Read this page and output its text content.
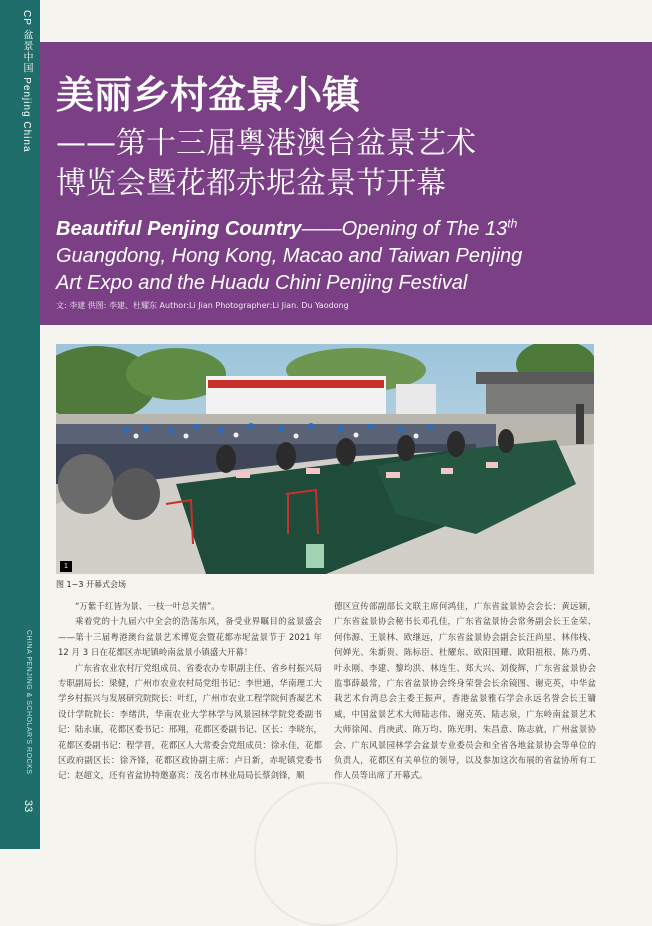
CP 盆景中国 Penjing China
CHINA PENJING & SCHOLAR'S ROCKS
33
美丽乡村盆景小镇
——第十三届粤港澳台盆景艺术
博览会暨花都赤坭盆景节开幕
Beautiful Penjing Country——Opening of The 13th
Guangdong, Hong Kong, Macao and Taiwan Penjing
Art Expo and the Huadu Chini Penjing Festival
文: 李建 供图: 李建、杜耀东 Author:Li Jian Photographer:Li Jian. Du Yaodong
1
图 1~3 开幕式会场

“万紫千红皆为景、一枝一叶总关情”。

乘着党的十九届六中全会的浩荡东风，备受业界瞩目的盆景盛会——第十三届粤港澳台盆景艺术博览会暨花都赤坭盆景节于 2021 年 12 月 3 日在花都区赤坭镇岭南盆景小镇盛大开幕！

广东省农业农村厅党组成员、省委农办专职副主任、省乡村振兴局专职副局长：梁健，广州市农业农村局党组书记：李世通，华南理工大学乡村振兴与发展研究院院长：叶红，广州市农业工程学院何香凝艺术设计学院院长：李绪洪，华南农业大学林学与风景园林学院党委副书记：陆永康，花都区委书记：邢翔，花都区委副书记、区长：李晓东，花都区委副书记：程学晋，花都区人大常委会党组成员：徐永佳，花都区政府副区长：徐齐锋，花都区政协副主席：卢日新，赤坭镇党委书记：赵超文，还有省盆协特邀嘉宾：茂名市林业局局长蔡剑锋，顺

德区宣传部副部长文联主席何鸿佳，广东省盆景协会会长：黄远颖，广东省盆景协会秘书长邓孔佳，广东省盆景协会常务副会长王金荣、何伟源、王景林、欧继远，广东省盆景协会副会长汪尚星、林伟栈、何婵光、朱新贵、陈标臣、杜耀东、欧阳国耀、欧阳祖根、陈乃勇、叶永刚、李建、黎均洪、林连生、郑大兴、刘俊辉，广东省盆景协会监事薛最常，广东省盆景协会终身荣誉会长余镜图、谢克英，中华盆栽艺术台湾总会主委王振声，香港盆景雅石学会永远名誉会长王镛威，中国盆景艺术大师陆志伟、谢克英、陆志泉，广东岭南盆景艺术大师徐闻、肖庚武、陈万均、陈光明、朱昌意、陈志就，广州盆景协会、广东风景园林学会盆景专业委员会和全省各地盆景协会等单位的负责人，花都区有关单位的领导，以及参加这次布展的省盆协所有工作人员等出席了开幕式。
